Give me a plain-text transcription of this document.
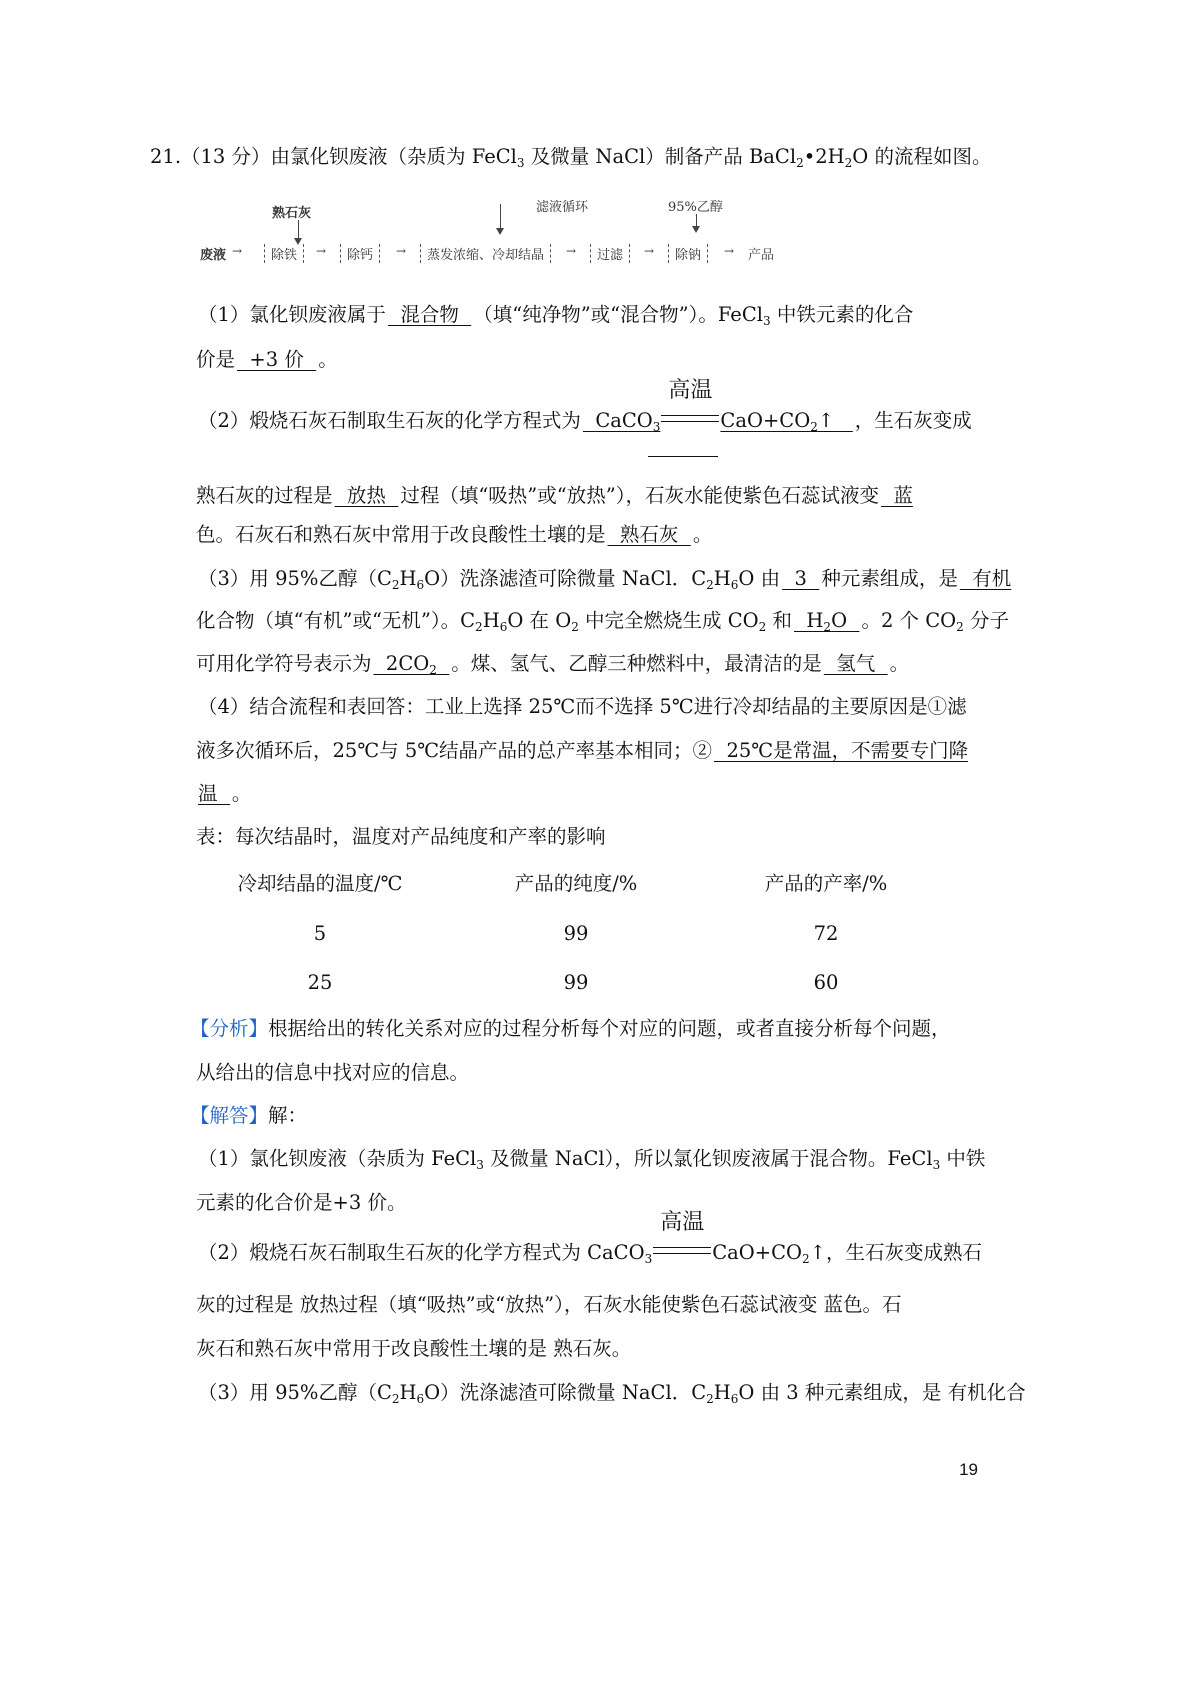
21.（13 分）由氯化钡废液（杂质为 FeCl$_3$ 及微量 NaCl）制备产品 $BaCl_2•2H_2O$ 的流程如图。
熟石灰	滤液循环	95%乙醇
废液 →	除铁	→	除钙	→	蒸发浓缩、冷却结晶	→	过滤	→	除钠	→ 产品
（1）氯化钡废液属于  混合物  （填“纯净物”或“混合物”）。FeCl$_3$ 中铁元素的化合
价是  +3 价  。
（2）煅烧石灰石制取生石灰的化学方程式为 CaCO$_3$
高温
$CaO+CO_2↑$ ，生石灰变成
熟石灰的过程是  放热  过程（填“吸热”或“放热”），石灰水能使紫色石蕊试液变  蓝
色。石灰石和熟石灰中常用于改良酸性土壤的是  熟石灰  。
（3）用 95%乙醇$(C_2H_6O)$洗涤滤渣可除微量 NaCl．$C_2H_6O$ 由  3  种元素组成，是  有机
化合物（填“有机”或“无机”）。$C_2H_6O$ 在 $O_2$ 中完全燃烧生成 $CO_2$ 和  $H_2O$  。2 个 $CO_2$ 分子
可用化学符号表示为  $2CO_2$ 。煤、氢气、乙醇三种燃料中，最清洁的是  氢气  。
（4）结合流程和表回答：工业上选择 25℃而不选择 5℃进行冷却结晶的主要原因是①滤
液多次循环后，25℃与 5℃结晶产品的总产率基本相同；②  25℃是常温，不需要专门降
温  。
表：每次结晶时，温度对产品纯度和产率的影响
冷却结晶的温度/℃	产品的纯度/%	产品的产率/%
5	99	72
25	99	60
【分析】根据给出的转化关系对应的过程分析每个对应的问题，或者直接分析每个问题，
从给出的信息中找对应的信息。
【解答】解：
（1）氯化钡废液（杂质为 FeCl$_3$ 及微量 NaCl），所以氯化钡废液属于混合物。FeCl$_3$ 中铁
元素的化合价是+3 价。
（2）煅烧石灰石制取生石灰的化学方程式为 CaCO$_3$
高温
$CaO+CO_2↑$，生石灰变成熟石
灰的过程是 放热过程（填“吸热”或“放热”），石灰水能使紫色石蕊试液变 蓝色。石
灰石和熟石灰中常用于改良酸性土壤的是 熟石灰。
（3）用 95%乙醇$(C_2H_6O)$洗涤滤渣可除微量 NaCl．$C_2H_6O$ 由 3 种元素组成，是 有机化合
19
